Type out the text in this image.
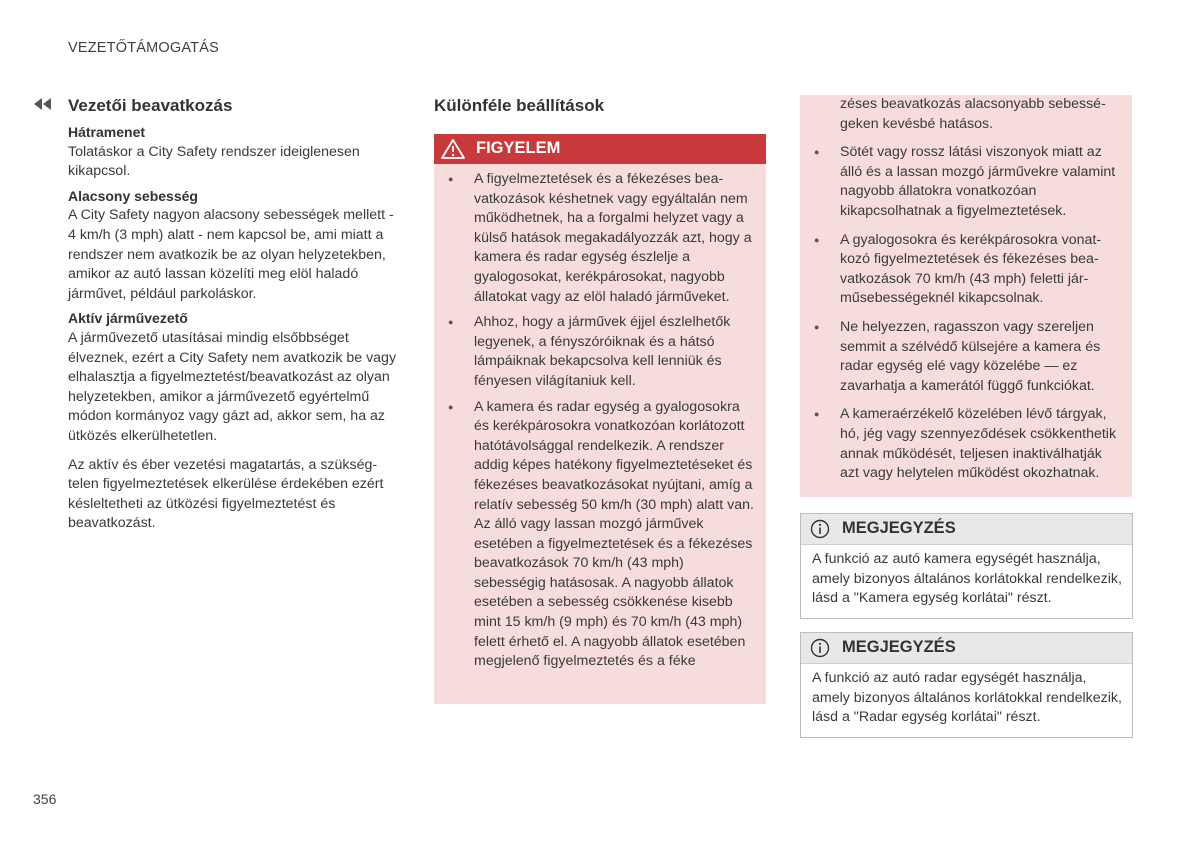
VEZETŐTÁMOGATÁS
Vezetői beavatkozás
Hátramenet

Tolatáskor a City Safety rendszer ideiglenesen kikapcsol.

Alacsony sebesség

A City Safety nagyon alacsony sebességek mellett - 4 km/h (3 mph) alatt - nem kapcsol be, ami miatt a rendszer nem avatkozik be az olyan helyzetekben, amikor az autó lassan közelíti meg elöl haladó járművet, például parkoláskor.

Aktív járművezető

A járművezető utasításai mindig elsőbbséget élveznek, ezért a City Safety nem avatkozik be vagy elhalasztja a figyelmeztetést/beavatkozást az olyan helyzetekben, amikor a járművezető egyértelmű módon kormányoz vagy gázt ad, akkor sem, ha az ütközés elkerülhetetlen.

Az aktív és éber vezetési magatartás, a szükségtelen figyelmeztetések elkerülése érdekében ezért késleltetheti az ütközési figyelmeztetést és beavatkozást.

Különféle beállítások
FIGYELEM
● A figyelmeztetések és a fékezéses beavatkozások késhetnek vagy egyáltalán nem működhetnek, ha a forgalmi helyzet vagy a külső hatások megakadályozzák azt, hogy a kamera és radar egység észlelje a gyalogosokat, kerékpárosokat, nagyobb állatokat vagy az elöl haladó járműveket.
● Ahhoz, hogy a járművek éjjel észlelhetők legyenek, a fényszóróiknak és a hátsó lámpáiknak bekapcsolva kell lenniük és fényesen világítaniuk kell.
● A kamera és radar egység a gyalogosokra és kerékpárosokra vonatkozóan korlátozott hatótávolsággal rendelkezik. A rendszer addig képes hatékony figyelmeztetéseket és fékezéses beavatkozásokat nyújtani, amíg a relatív sebesség 50 km/h (30 mph) alatt van. Az álló vagy lassan mozgó járművek esetében a figyelmeztetések és a fékezéses beavatkozások 70 km/h (43 mph) sebességig hatásosak. A nagyobb állatok esetében a sebesség csökkenése kisebb mint 15 km/h (9 mph) és 70 km/h (43 mph) felett érhető el. A nagyobb állatok esetében megjelenő figyelmeztetés és a féke

zéses beavatkozás alacsonyabb sebességeken kevésbé hatásos.

● Sötét vagy rossz látási viszonyok miatt az álló és a lassan mozgó járművekre valamint nagyobb állatokra vonatkozóan kikapcsolhatnak a figyelmeztetések.
● A gyalogosokra és kerékpárosokra vonatkozó figyelmeztetések és fékezéses beavatkozások 70 km/h (43 mph) feletti járműsebességeknél kikapcsolnak.
● Ne helyezzen, ragasszon vagy szereljen semmit a szélvédő külsejére a kamera és radar egység elé vagy közelébe — ez zavarhatja a kamerától függő funkciókat.
● A kameraérzékelő közelében lévő tárgyak, hó, jég vagy szennyeződések csökkenthetik annak működését, teljesen inaktiválhatják azt vagy helytelen működést okozhatnak.
MEGJEGYZÉS
A funkció az autó kamera egységét használja, amely bizonyos általános korlátokkal rendelkezik, lásd a "Kamera egység korlátai" részt.
MEGJEGYZÉS
A funkció az autó radar egységét használja, amely bizonyos általános korlátokkal rendelkezik, lásd a "Radar egység korlátai" részt.
356
